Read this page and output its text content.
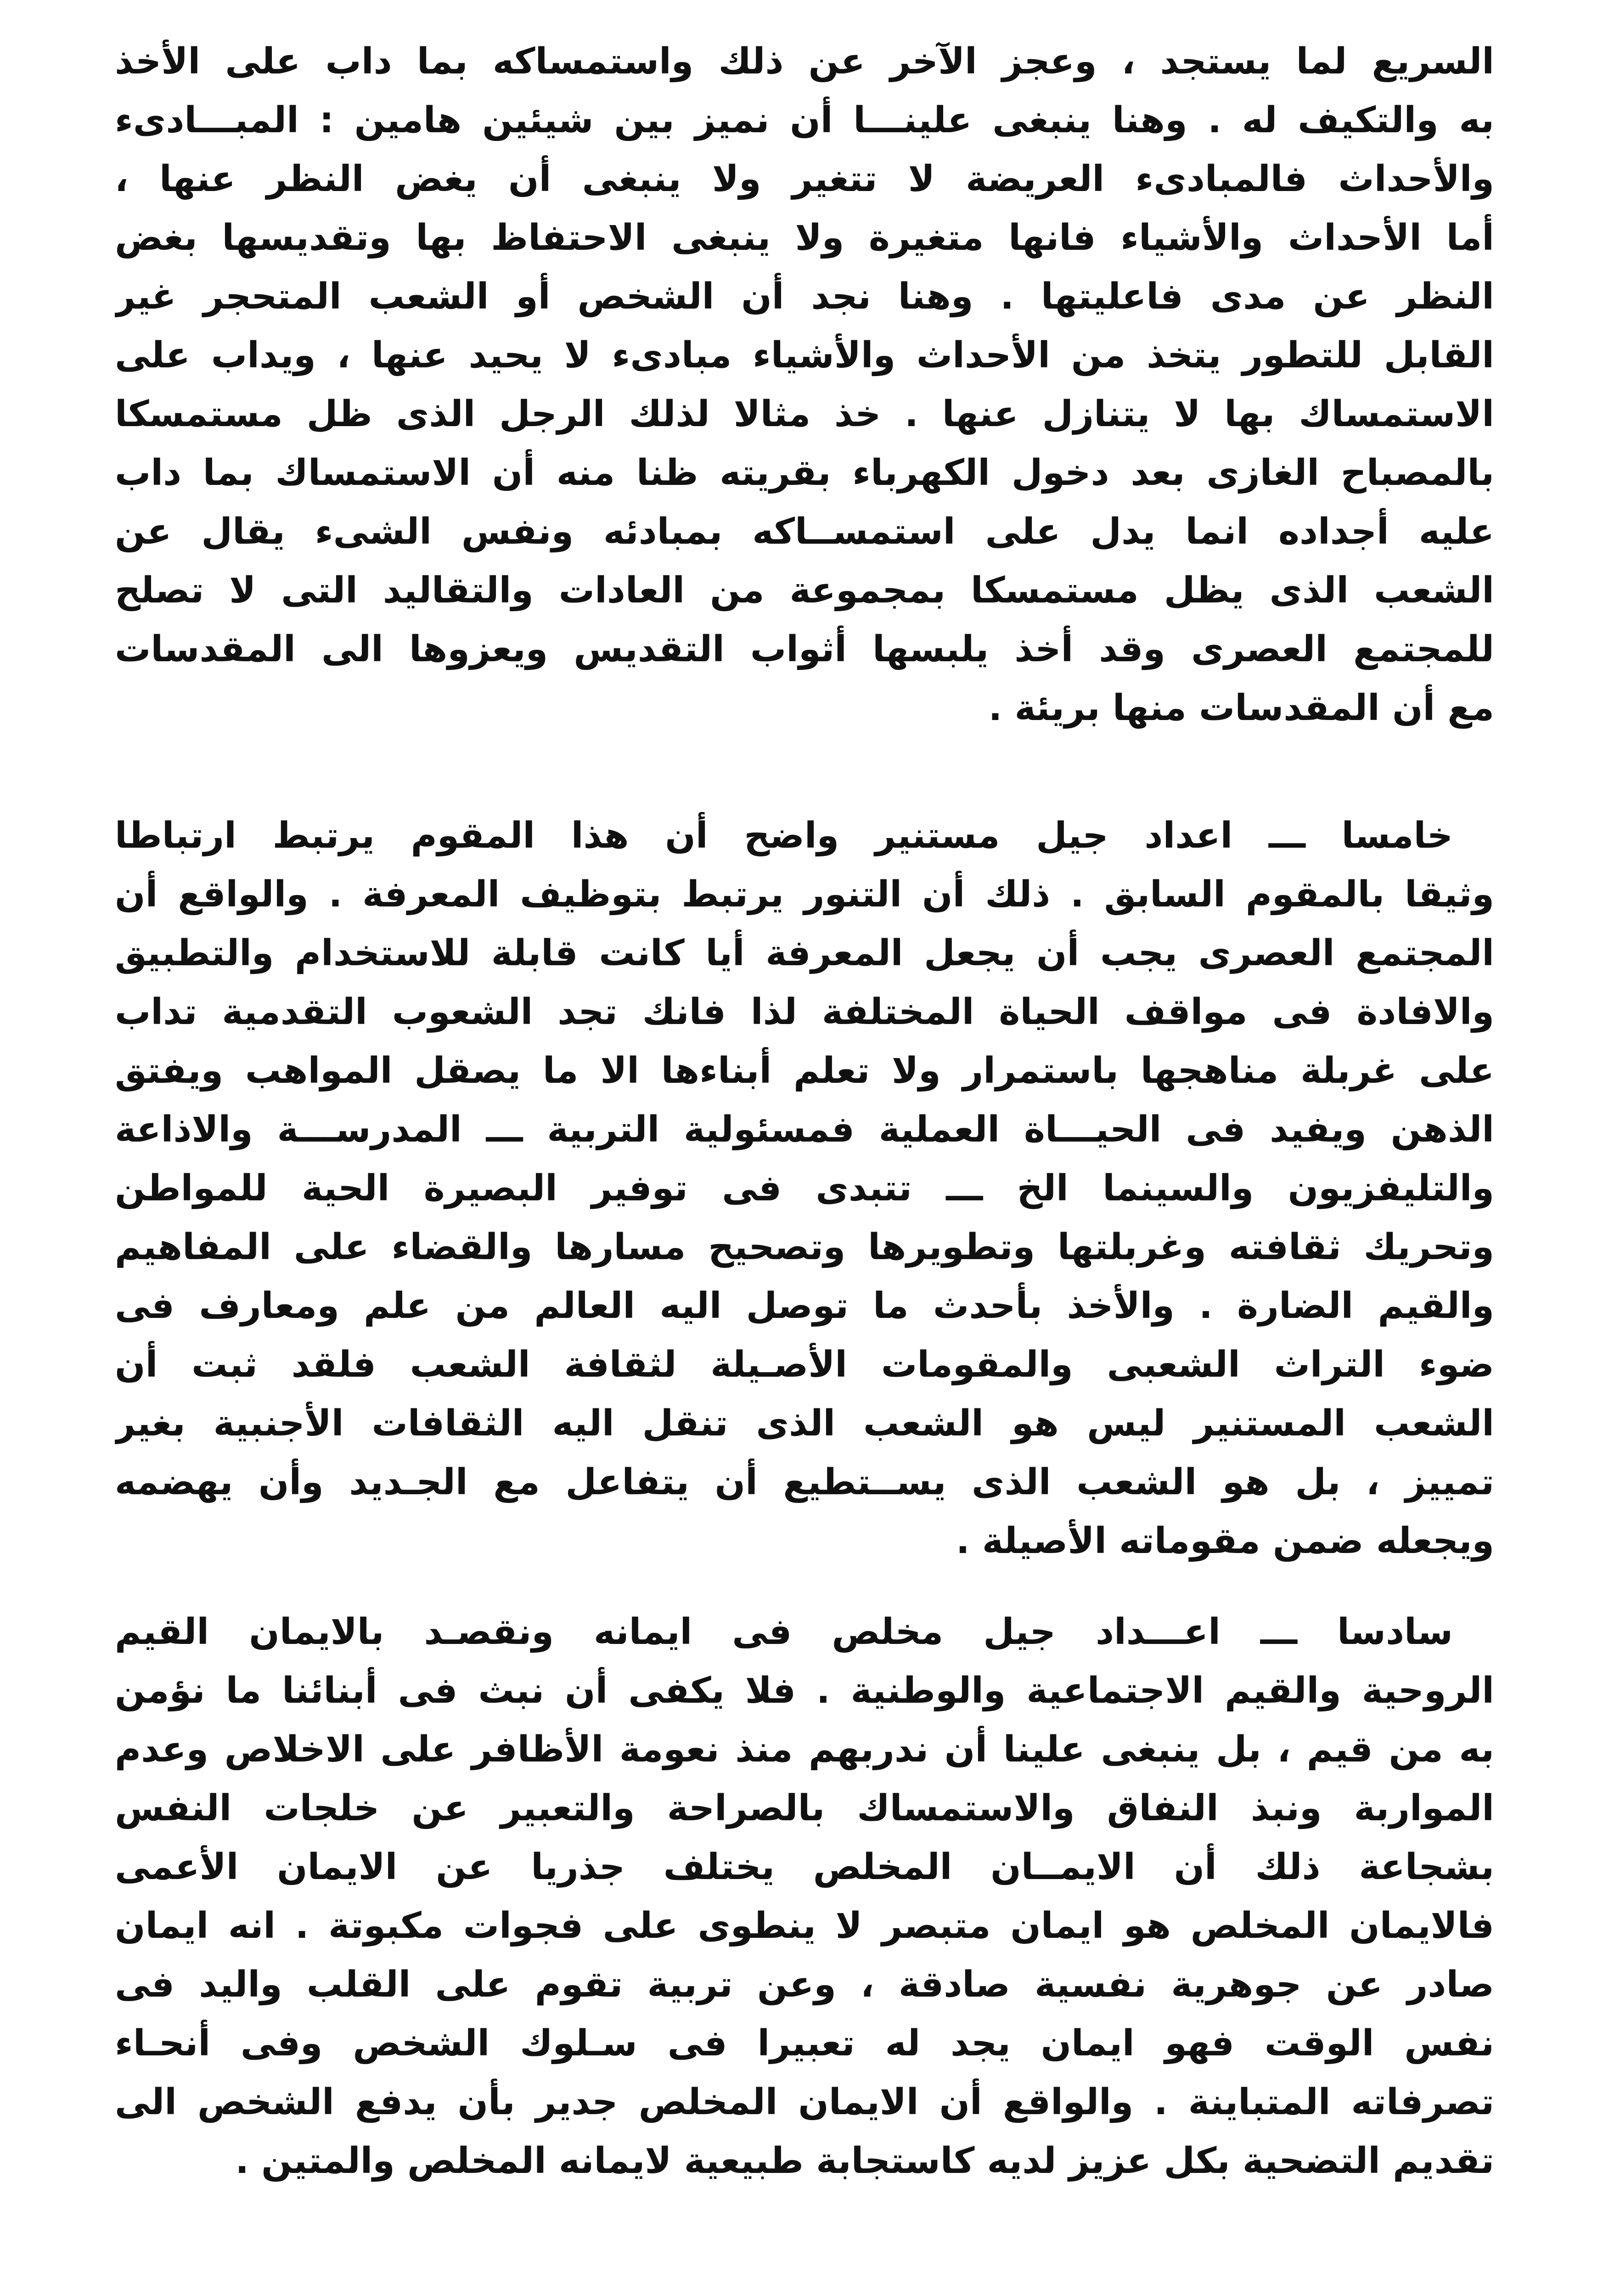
السريع لما يستجد ، وعجز الآخر عن ذلك واستمساكه بما داب على الأخذ
به والتكيف له . وهنا ينبغى علينـــا أن نميز بين شيئين هامين : المبـــادىء
والأحداث فالمبادىء العريضة لا تتغير ولا ينبغى أن يغض النظر عنها ،
أما الأحداث والأشياء فانها متغيرة ولا ينبغى الاحتفاظ بها وتقديسها بغض
النظر عن مدى فاعليتها . وهنا نجد أن الشخص أو الشعب المتحجر غير
القابل للتطور يتخذ من الأحداث والأشياء مبادىء لا يحيد عنها ، ويداب على
الاستمساك بها لا يتنازل عنها . خذ مثالا لذلك الرجل الذى ظل مستمسكا
بالمصباح الغازى بعد دخول الكهرباء بقريته ظنا منه أن الاستمساك بما داب
عليه أجداده انما يدل على استمســاكه بمبادئه ونفس الشىء يقال عن
الشعب الذى يظل مستمسكا بمجموعة من العادات والتقاليد التى لا تصلح
للمجتمع العصرى وقد أخذ يلبسها أثواب التقديس ويعزوها الى المقدسات
مع أن المقدسات منها بريئة .
خامسا ـــ اعداد جيل مستنير واضح أن هذا المقوم يرتبط ارتباطا
وثيقا بالمقوم السابق . ذلك أن التنور يرتبط بتوظيف المعرفة . والواقع أن
المجتمع العصرى يجب أن يجعل المعرفة أيا كانت قابلة للاستخدام والتطبيق
والافادة فى مواقف الحياة المختلفة لذا فانك تجد الشعوب التقدمية تداب
على غربلة مناهجها باستمرار ولا تعلم أبناءها الا ما يصقل المواهب ويفتق
الذهن ويفيد فى الحيـــاة العملية فمسئولية التربية ـــ المدرســـة والاذاعة
والتليفزيون والسينما الخ ـــ تتبدى فى توفير البصيرة الحية للمواطن
وتحريك ثقافته وغربلتها وتطويرها وتصحيح مسارها والقضاء على المفاهيم
والقيم الضارة . والأخذ بأحدث ما توصل اليه العالم من علم ومعارف فى
ضوء التراث الشعبى والمقومات الأصـيلة لثقافة الشعب فلقد ثبت أن
الشعب المستنير ليس هو الشعب الذى تنقل اليه الثقافات الأجنبية بغير
تمييز ، بل هو الشعب الذى يســتطيع أن يتفاعل مع الجـديد وأن يهضمه
ويجعله ضمن مقوماته الأصيلة .
سادسا ـــ اعـــداد جيل مخلص فى ايمانه ونقصـد بالايمان القيم
الروحية والقيم الاجتماعية والوطنية . فلا يكفى أن نبث فى أبنائنا ما نؤمن
به من قيم ، بل ينبغى علينا أن ندربهم منذ نعومة الأظافر على الاخلاص وعدم
المواربة ونبذ النفاق والاستمساك بالصراحة والتعبير عن خلجات النفس
بشجاعة ذلك أن الايمــان المخلص يختلف جذريا عن الايمان الأعمى
فالايمان المخلص هو ايمان متبصر لا ينطوى على فجوات مكبوتة . انه ايمان
صادر عن جوهرية نفسية صادقة ، وعن تربية تقوم على القلب واليد فى
نفس الوقت فهو ايمان يجد له تعبيرا فى سـلوك الشخص وفى أنحـاء
تصرفاته المتباينة . والواقع أن الايمان المخلص جدير بأن يدفع الشخص الى
تقديم التضحية بكل عزيز لديه كاستجابة طبيعية لايمانه المخلص والمتين .
